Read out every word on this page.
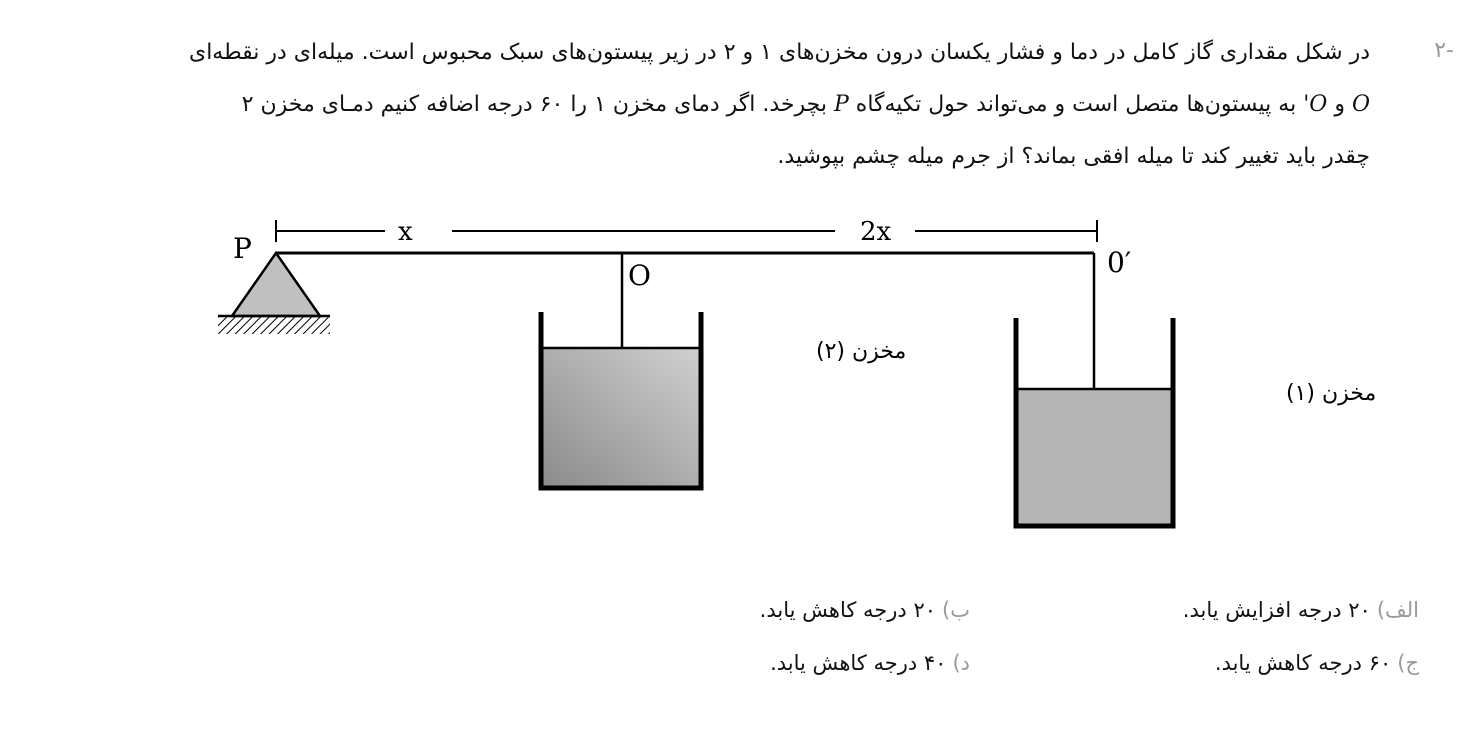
-۲
در شکل مقداری گاز کامل در دما و فشار یکسان درون مخزن‌های ۱ و ۲ در زیر پیستون‌های سبک محبوس است. میله‌ای در نقطه‌ای
O و O' به پیستون‌ها متصل است و می‌تواند حول تکیه‌گاه P بچرخد. اگر دمای مخزن ۱ را ۶۰ درجه اضافه کنیم دمـای مخزن ۲
چقدر باید تغییر کند تا میله افقی بماند؟ از جرم میله چشم بپوشید.
x	2x
P
O	0′
مخزن (۲)
مخزن (۱)
الف)۲۰ درجه افزایش یابد.
ب)۲۰ درجه کاهش یابد.
ج)۶۰ درجه کاهش یابد.
د)۴۰ درجه کاهش یابد.
